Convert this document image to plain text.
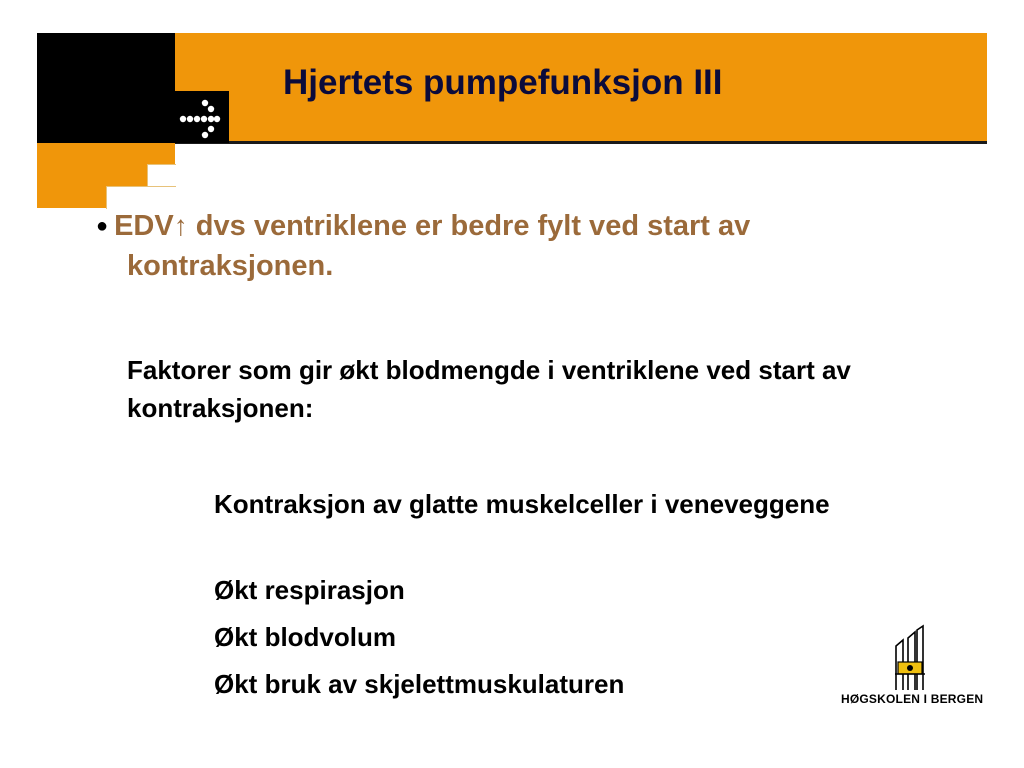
Hjertets pumpefunksjon III
● EDV↑ dvs ventriklene er bedre fylt ved start av
kontraksjonen.
Faktorer som gir økt blodmengde i ventriklene ved start av kontraksjonen:
Kontraksjon av glatte muskelceller i veneveggene
Økt respirasjon
Økt blodvolum
Økt bruk av skjelettmuskulaturen	HØGSKOLEN I BERGEN
